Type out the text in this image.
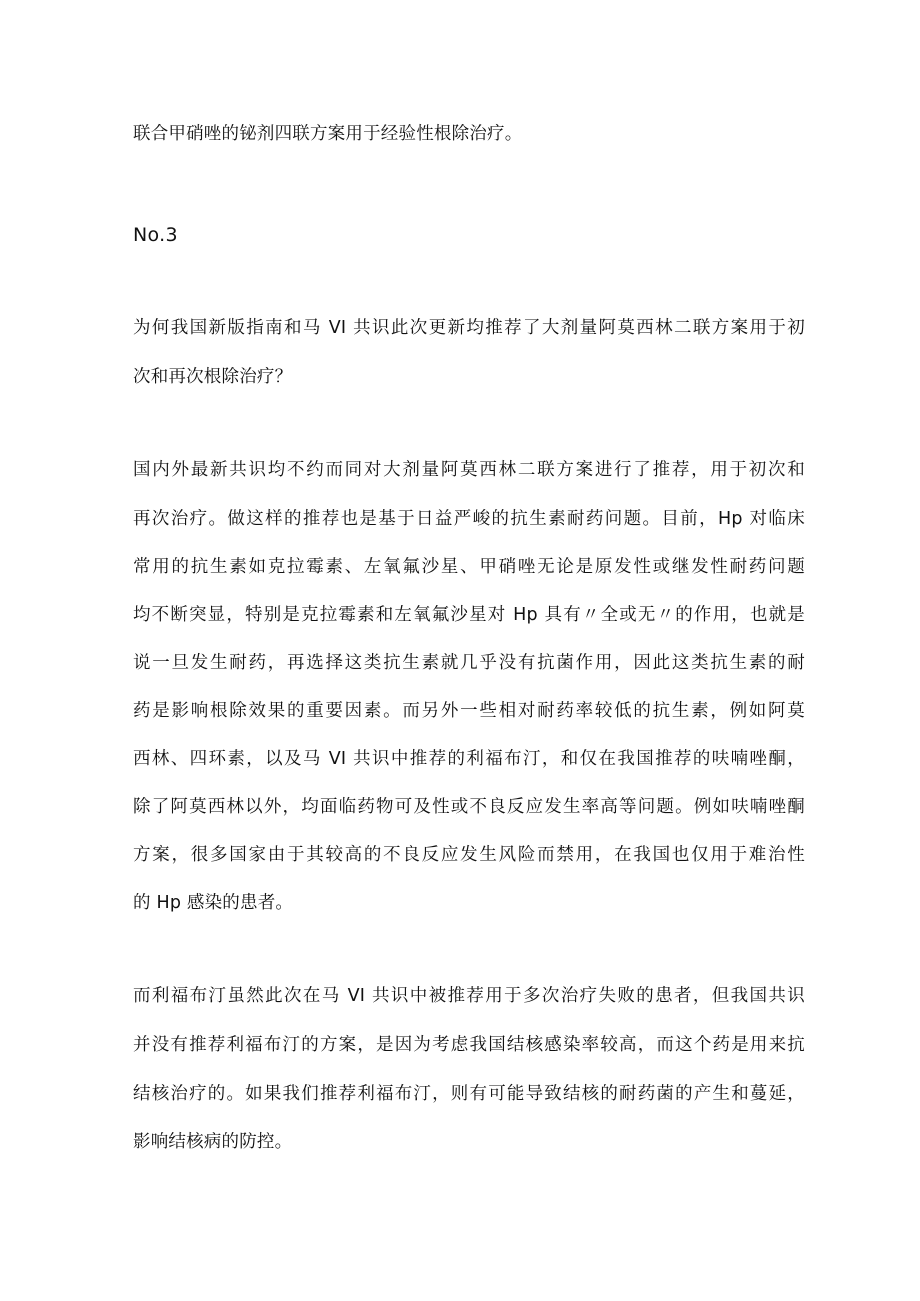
联合甲硝唑的铋剂四联方案用于经验性根除治疗。
No.3
为何我国新版指南和马 VI 共识此次更新均推荐了大剂量阿莫西林二联方案用于初
次和再次根除治疗？
国内外最新共识均不约而同对大剂量阿莫西林二联方案进行了推荐，用于初次和
再次治疗。做这样的推荐也是基于日益严峻的抗生素耐药问题。目前，Hp 对临床
常用的抗生素如克拉霉素、左氧氟沙星、甲硝唑无论是原发性或继发性耐药问题
均不断突显，特别是克拉霉素和左氧氟沙星对 Hp 具有〃全或无〃的作用，也就是
说一旦发生耐药，再选择这类抗生素就几乎没有抗菌作用，因此这类抗生素的耐
药是影响根除效果的重要因素。而另外一些相对耐药率较低的抗生素，例如阿莫
西林、四环素，以及马 VI 共识中推荐的利福布汀，和仅在我国推荐的呋喃唑酮，
除了阿莫西林以外，均面临药物可及性或不良反应发生率高等问题。例如呋喃唑酮
方案，很多国家由于其较高的不良反应发生风险而禁用，在我国也仅用于难治性
的 Hp 感染的患者。
而利福布汀虽然此次在马 VI 共识中被推荐用于多次治疗失败的患者，但我国共识
并没有推荐利福布汀的方案，是因为考虑我国结核感染率较高，而这个药是用来抗
结核治疗的。如果我们推荐利福布汀，则有可能导致结核的耐药菌的产生和蔓延，
影响结核病的防控。
